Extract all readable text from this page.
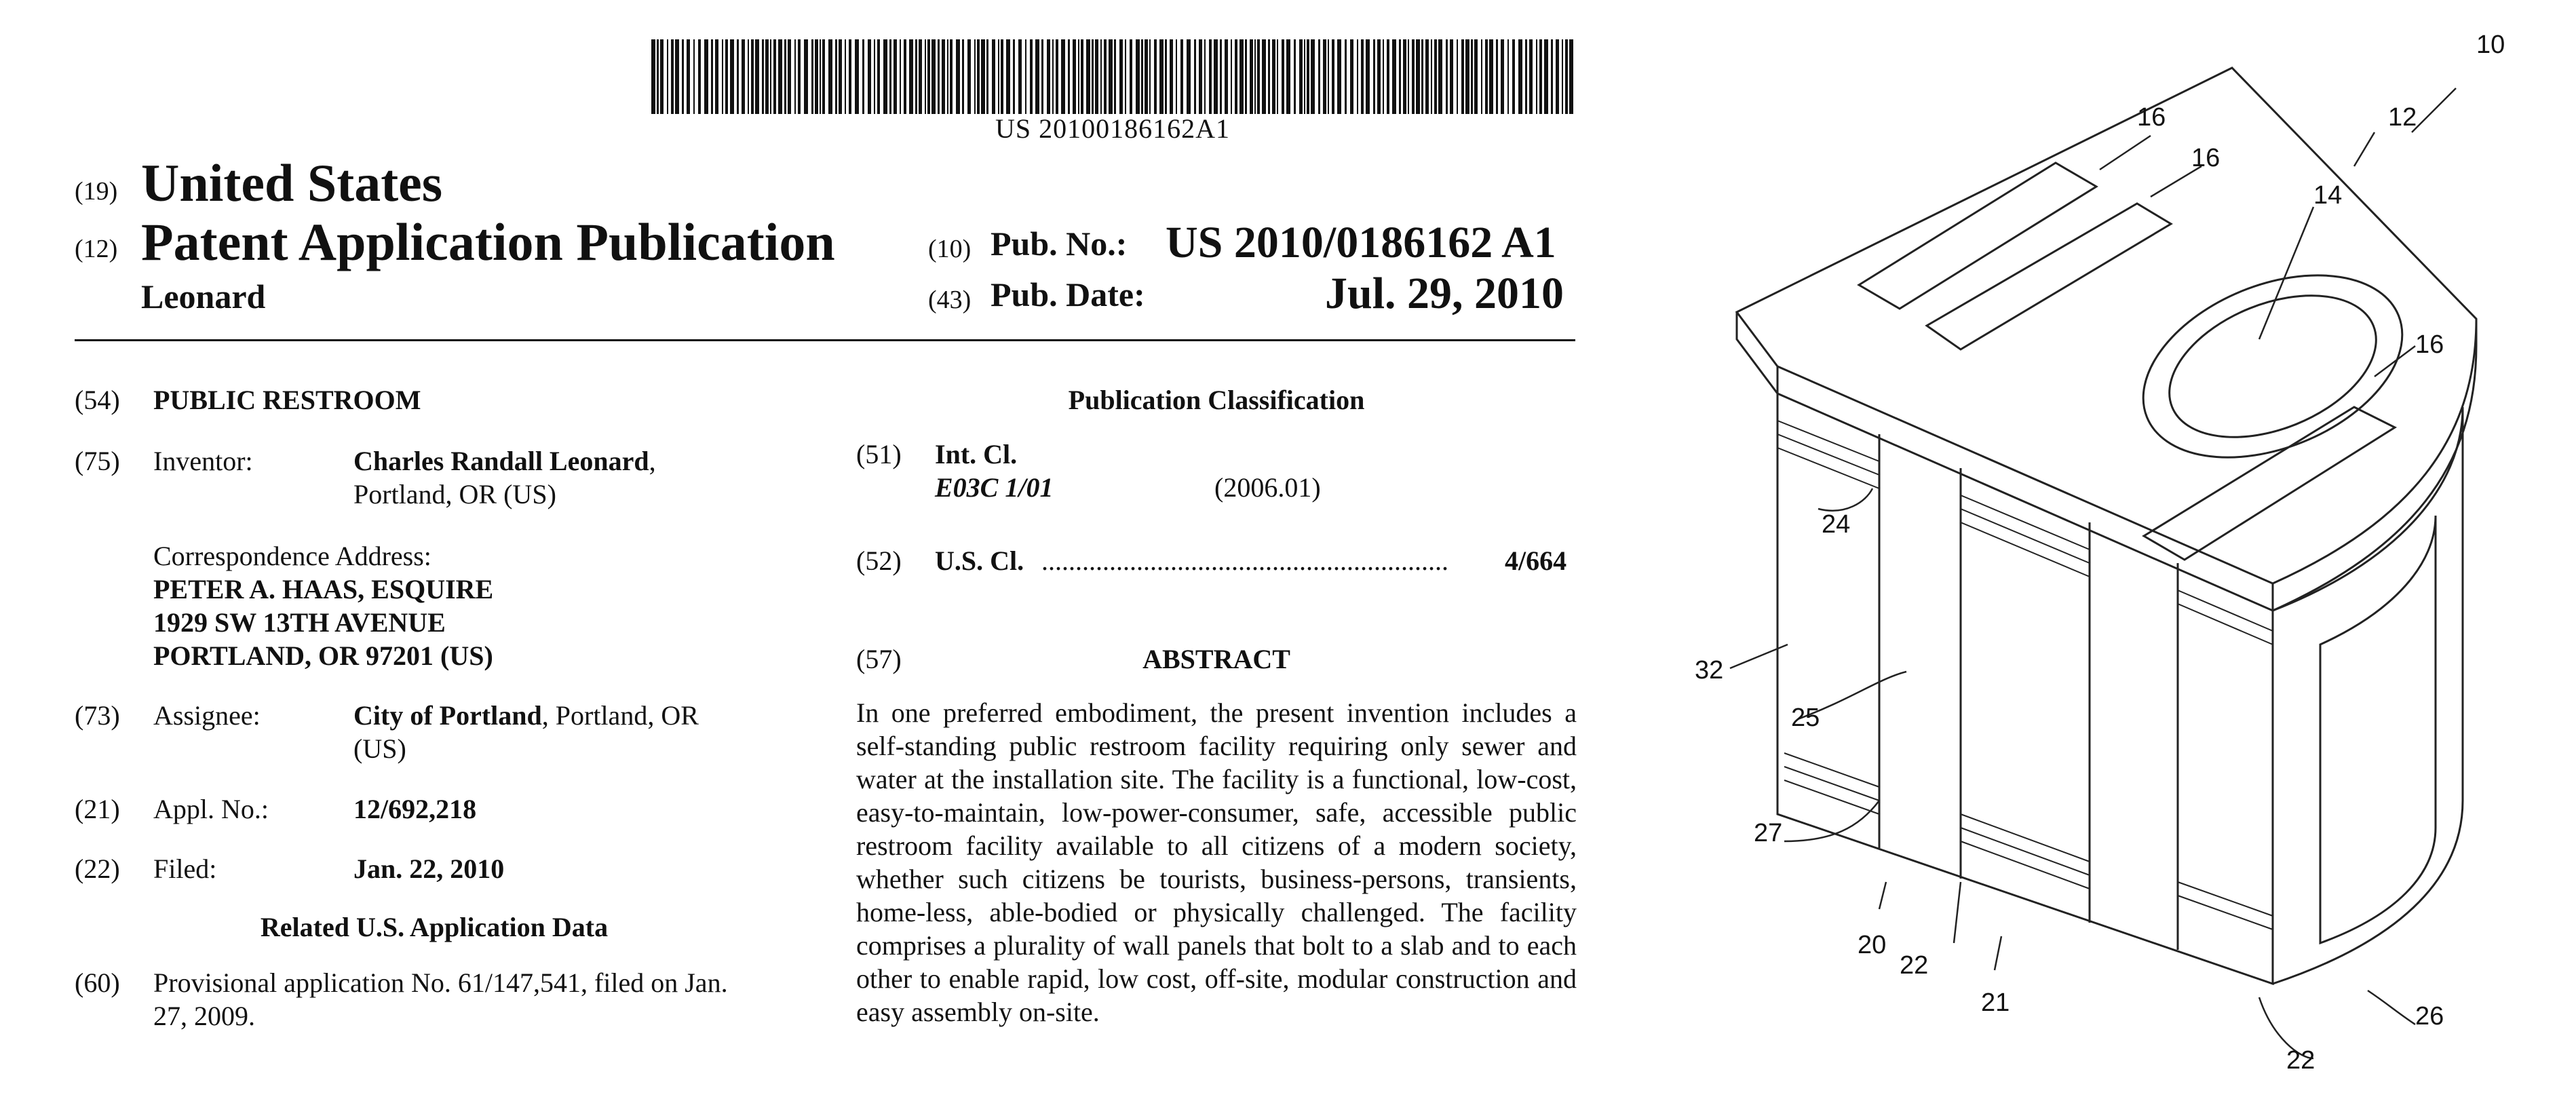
US 20100186162A1
(19) United States
(12) Patent Application Publication
Leonard
(10) Pub. No.: US 2010/0186162 A1
(43) Pub. Date:	Jul. 29, 2010
(54) PUBLIC RESTROOM
(75) Inventor:	Charles Randall Leonard,
Portland, OR (US)
Correspondence Address:
PETER A. HAAS, ESQUIRE
1929 SW 13TH AVENUE
PORTLAND, OR 97201 (US)
(73) Assignee:	City of Portland, Portland, OR
(US)
(21) Appl. No.:	12/692,218
(22) Filed:	Jan. 22, 2010
Related U.S. Application Data
(60) Provisional application No. 61/147,541, filed on Jan.
27, 2009.
Publication Classification
(51) Int. Cl.
E03C 1/01	(2006.01)
(52) U.S. Cl. ............................................................	4/664
(57)	ABSTRACT
In one preferred embodiment, the present invention includes a self-standing public restroom facility requiring only sewer and water at the installation site. The facility is a functional, low-cost, easy-to-maintain, low-power-consumer, safe, accessible public restroom facility available to all citizens of a modern society, whether such citizens be tourists, business-persons, transients, home-less, able-bodied or physically challenged. The facility comprises a plurality of wall panels that bolt to a slab and to each other to enable rapid, low cost, off-site, modular construction and easy assembly on-site.
10
12
14
16
16
16
24
32
25
27
20
22
21
22
26
